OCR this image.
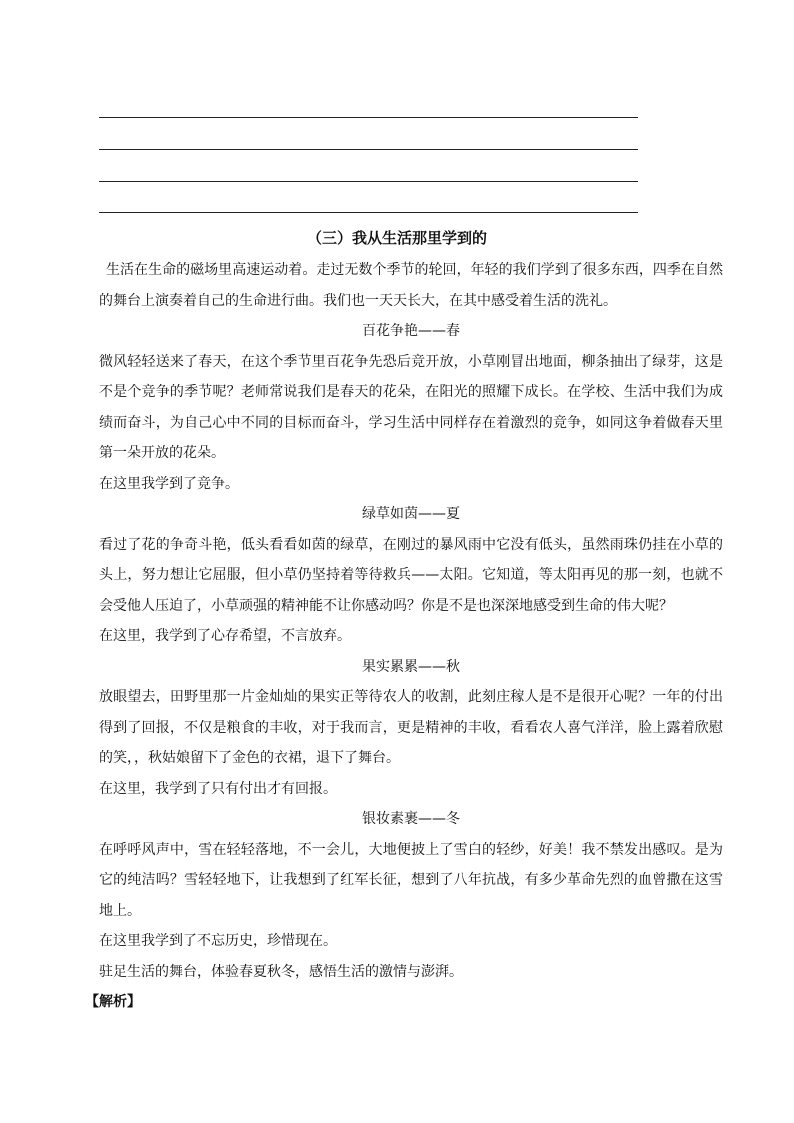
（三）我从生活那里学到的

生活在生命的磁场里高速运动着。走过无数个季节的轮回，年轻的我们学到了很多东西，四季在自然的舞台上演奏着自己的生命进行曲。我们也一天天长大，在其中感受着生活的洗礼。

百花争艳——春

微风轻轻送来了春天，在这个季节里百花争先恐后竞开放，小草刚冒出地面，柳条抽出了绿芽，这是不是个竞争的季节呢？老师常说我们是春天的花朵，在阳光的照耀下成长。在学校、生活中我们为成绩而奋斗，为自己心中不同的目标而奋斗，学习生活中同样存在着激烈的竞争，如同这争着做春天里第一朵开放的花朵。

在这里我学到了竞争。

绿草如茵——夏

看过了花的争奇斗艳，低头看看如茵的绿草，在刚过的暴风雨中它没有低头，虽然雨珠仍挂在小草的头上，努力想让它屈服，但小草仍坚持着等待救兵——太阳。它知道，等太阳再见的那一刻，也就不会受他人压迫了，小草顽强的精神能不让你感动吗？你是不是也深深地感受到生命的伟大呢？

在这里，我学到了心存希望，不言放弃。

果实累累——秋

放眼望去，田野里那一片金灿灿的果实正等待农人的收割，此刻庄稼人是不是很开心呢？一年的付出得到了回报，不仅是粮食的丰收，对于我而言，更是精神的丰收，看看农人喜气洋洋，脸上露着欣慰的笑，，秋姑娘留下了金色的衣裙，退下了舞台。

在这里，我学到了只有付出才有回报。

银妆素裹——冬

在呼呼风声中，雪在轻轻落地，不一会儿，大地便披上了雪白的轻纱，好美！我不禁发出感叹。是为它的纯洁吗？雪轻轻地下，让我想到了红军长征，想到了八年抗战，有多少革命先烈的血曾撒在这雪地上。

在这里我学到了不忘历史，珍惜现在。

驻足生活的舞台，体验春夏秋冬，感悟生活的激情与澎湃。

【解析】
